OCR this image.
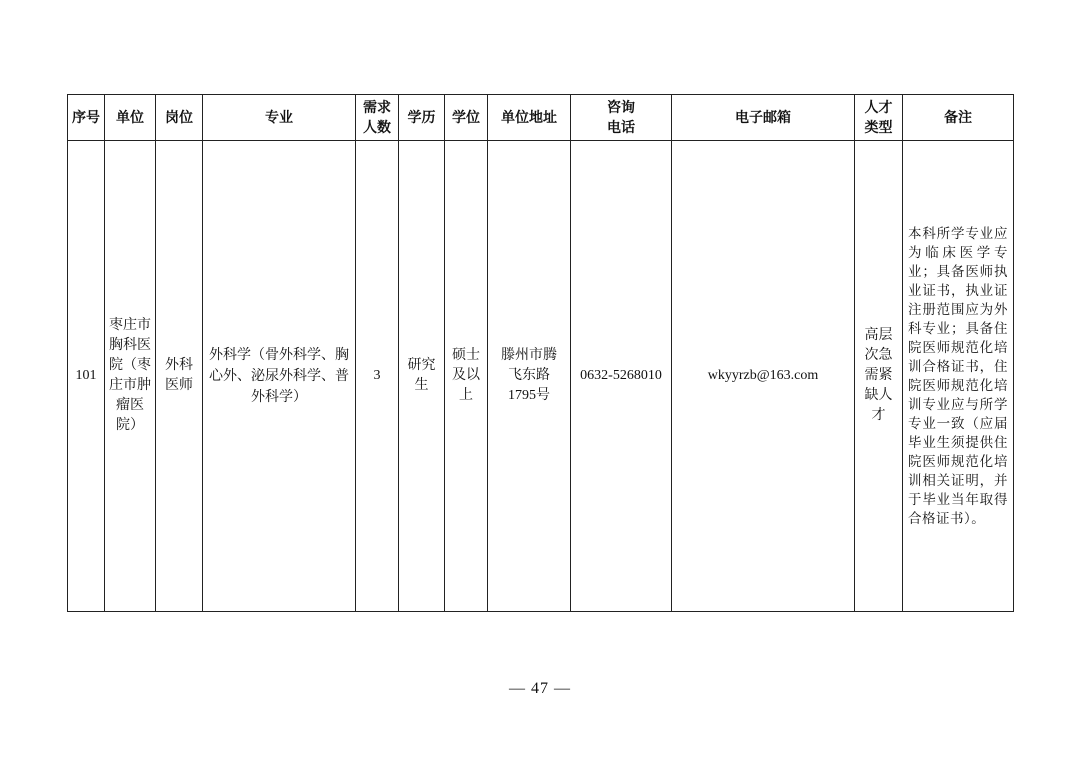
序号	单位	岗位	专业	需求人数	学历	学位	单位地址	咨询电话	电子邮箱	人才类型	备注
101	枣庄市胸科医院（枣庄市肿瘤医院）	外科医师	外科学（骨外科学、胸心外、泌尿外科学、普外科学）	3	研究生	硕士及以上	滕州市腾飞东路1795号	0632-5268010	wkyyrzb@163.com	高层次急需紧缺人才	本科所学专业应为临床医学专业；具备医师执业证书，执业证注册范围应为外科专业；具备住院医师规范化培训合格证书，住院医师规范化培训专业应与所学专业一致（应届毕业生须提供住院医师规范化培训相关证明，并于毕业当年取得合格证书）。
— 47 —
